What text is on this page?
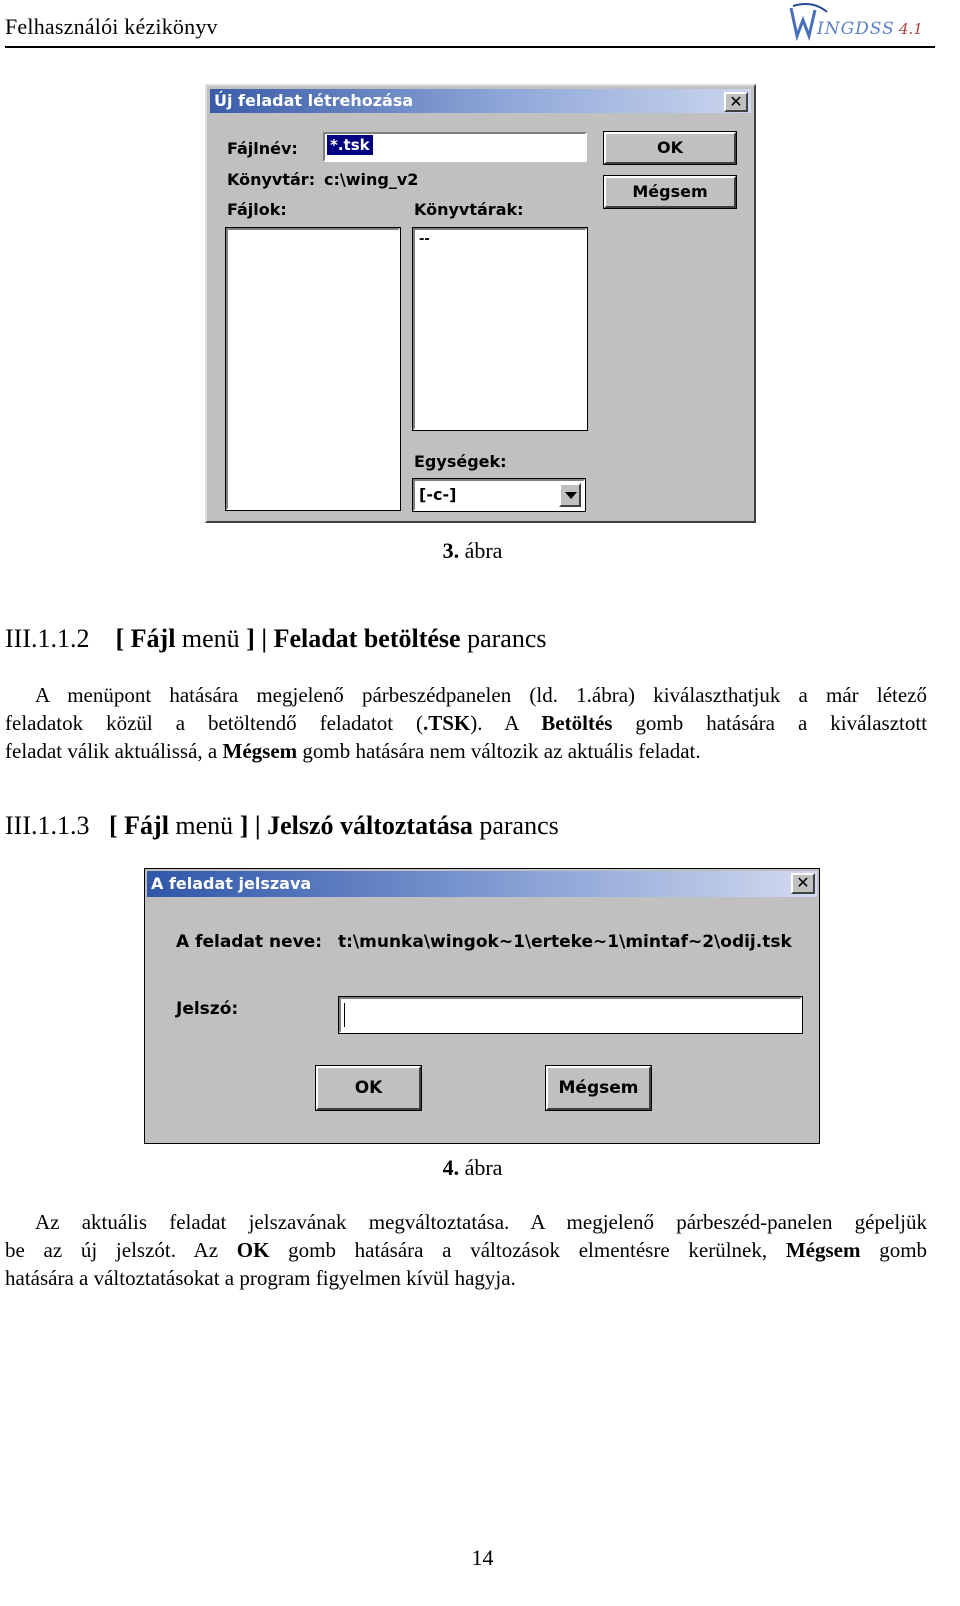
Felhasználói kézikönyv	INGDSS 4.1
Új feladat létrehozása	✕
Fájlnév: *.tsk
Könyvtár: c:\wing_v2
Fájlok:	Könyvtárak:
--
Egységek:
[-c-]
OK
Mégsem
3. ábra
III.1.1.2 [ Fájl menü ] | Feladat betöltése parancs
A menüpont hatására megjelenő párbeszédpanelen (ld. 1.ábra) kiválaszthatjuk a már létező
feladatok közül a betöltendő feladatot (.TSK). A Betöltés gomb hatására a kiválasztott
feladat válik aktuálissá, a Mégsem gomb hatására nem változik az aktuális feladat.
III.1.1.3 [ Fájl menü ] | Jelszó változtatása parancs
A feladat jelszava	✕
A feladat neve: t:\munka\wingok~1\erteke~1\mintaf~2\odij.tsk
Jelszó:
OK	Mégsem
4. ábra
Az aktuális feladat jelszavának megváltoztatása. A megjelenő párbeszéd-panelen gépeljük
be az új jelszót. Az OK gomb hatására a változások elmentésre kerülnek, Mégsem gomb
hatására a változtatásokat a program figyelmen kívül hagyja.
14
